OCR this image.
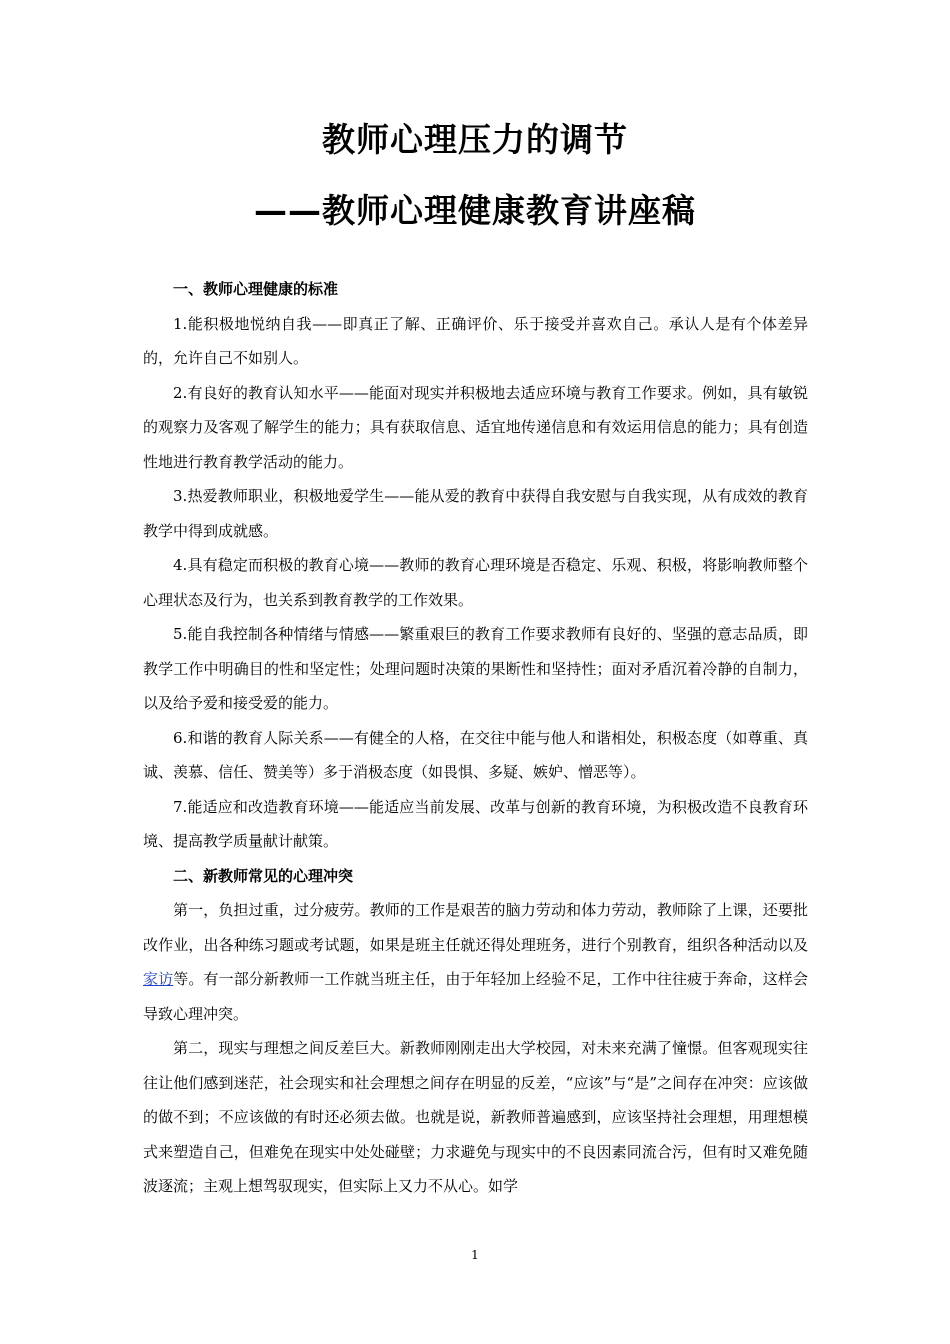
教师心理压力的调节
——教师心理健康教育讲座稿

一、教师心理健康的标准

1.能积极地悦纳自我——即真正了解、正确评价、乐于接受并喜欢自己。承认人是有个体差异的，允许自己不如别人。

2.有良好的教育认知水平——能面对现实并积极地去适应环境与教育工作要求。例如，具有敏锐的观察力及客观了解学生的能力；具有获取信息、适宜地传递信息和有效运用信息的能力；具有创造性地进行教育教学活动的能力。

3.热爱教师职业，积极地爱学生——能从爱的教育中获得自我安慰与自我实现，从有成效的教育教学中得到成就感。

4.具有稳定而积极的教育心境——教师的教育心理环境是否稳定、乐观、积极，将影响教师整个心理状态及行为，也关系到教育教学的工作效果。

5.能自我控制各种情绪与情感——繁重艰巨的教育工作要求教师有良好的、坚强的意志品质，即教学工作中明确目的性和坚定性；处理问题时决策的果断性和坚持性；面对矛盾沉着冷静的自制力，以及给予爱和接受爱的能力。

6.和谐的教育人际关系——有健全的人格，在交往中能与他人和谐相处，积极态度（如尊重、真诚、羡慕、信任、赞美等）多于消极态度（如畏惧、多疑、嫉妒、憎恶等）。

7.能适应和改造教育环境——能适应当前发展、改革与创新的教育环境，为积极改造不良教育环境、提高教学质量献计献策。

二、新教师常见的心理冲突

第一，负担过重，过分疲劳。教师的工作是艰苦的脑力劳动和体力劳动，教师除了上课，还要批改作业，出各种练习题或考试题，如果是班主任就还得处理班务，进行个别教育，组织各种活动以及家访等。有一部分新教师一工作就当班主任，由于年轻加上经验不足，工作中往往疲于奔命，这样会导致心理冲突。

第二，现实与理想之间反差巨大。新教师刚刚走出大学校园，对未来充满了憧憬。但客观现实往往让他们感到迷茫，社会现实和社会理想之间存在明显的反差，“应该”与“是”之间存在冲突：应该做的做不到；不应该做的有时还必须去做。也就是说，新教师普遍感到，应该坚持社会理想，用理想模式来塑造自己，但难免在现实中处处碰壁；力求避免与现实中的不良因素同流合污，但有时又难免随波逐流；主观上想驾驭现实，但实际上又力不从心。如学

1
